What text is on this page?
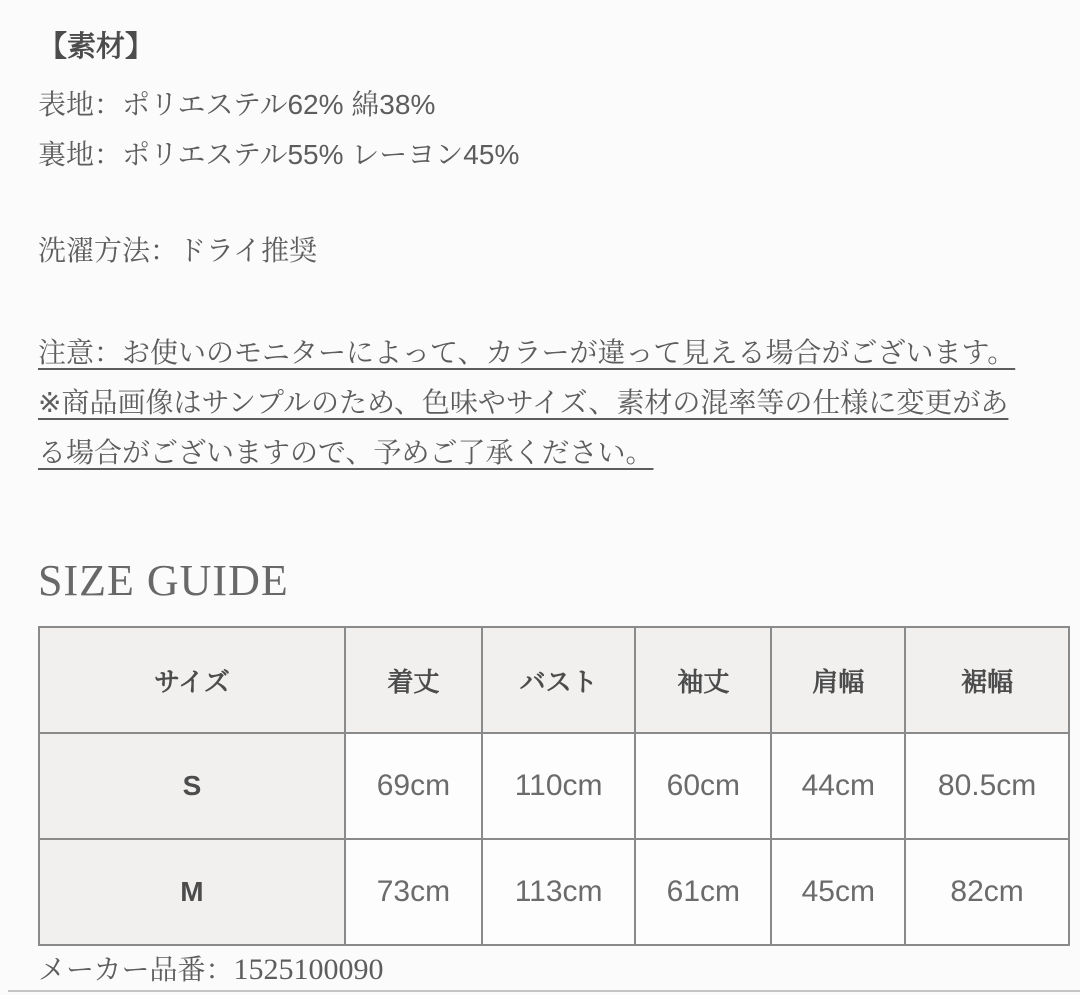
【素材】
表地：ポリエステル62% 綿38%
裏地：ポリエステル55% レーヨン45%
洗濯方法：ドライ推奨
注意：お使いのモニターによって、カラーが違って見える場合がございます。
※商品画像はサンプルのため、色味やサイズ、素材の混率等の仕様に変更がある場合がございますので、予めご了承ください。
SIZE GUIDE
サイズ	着丈	バスト	袖丈	肩幅	裾幅
S	69cm	110cm	60cm	44cm	80.5cm
M	73cm	113cm	61cm	45cm	82cm
メーカー品番：1525100090
